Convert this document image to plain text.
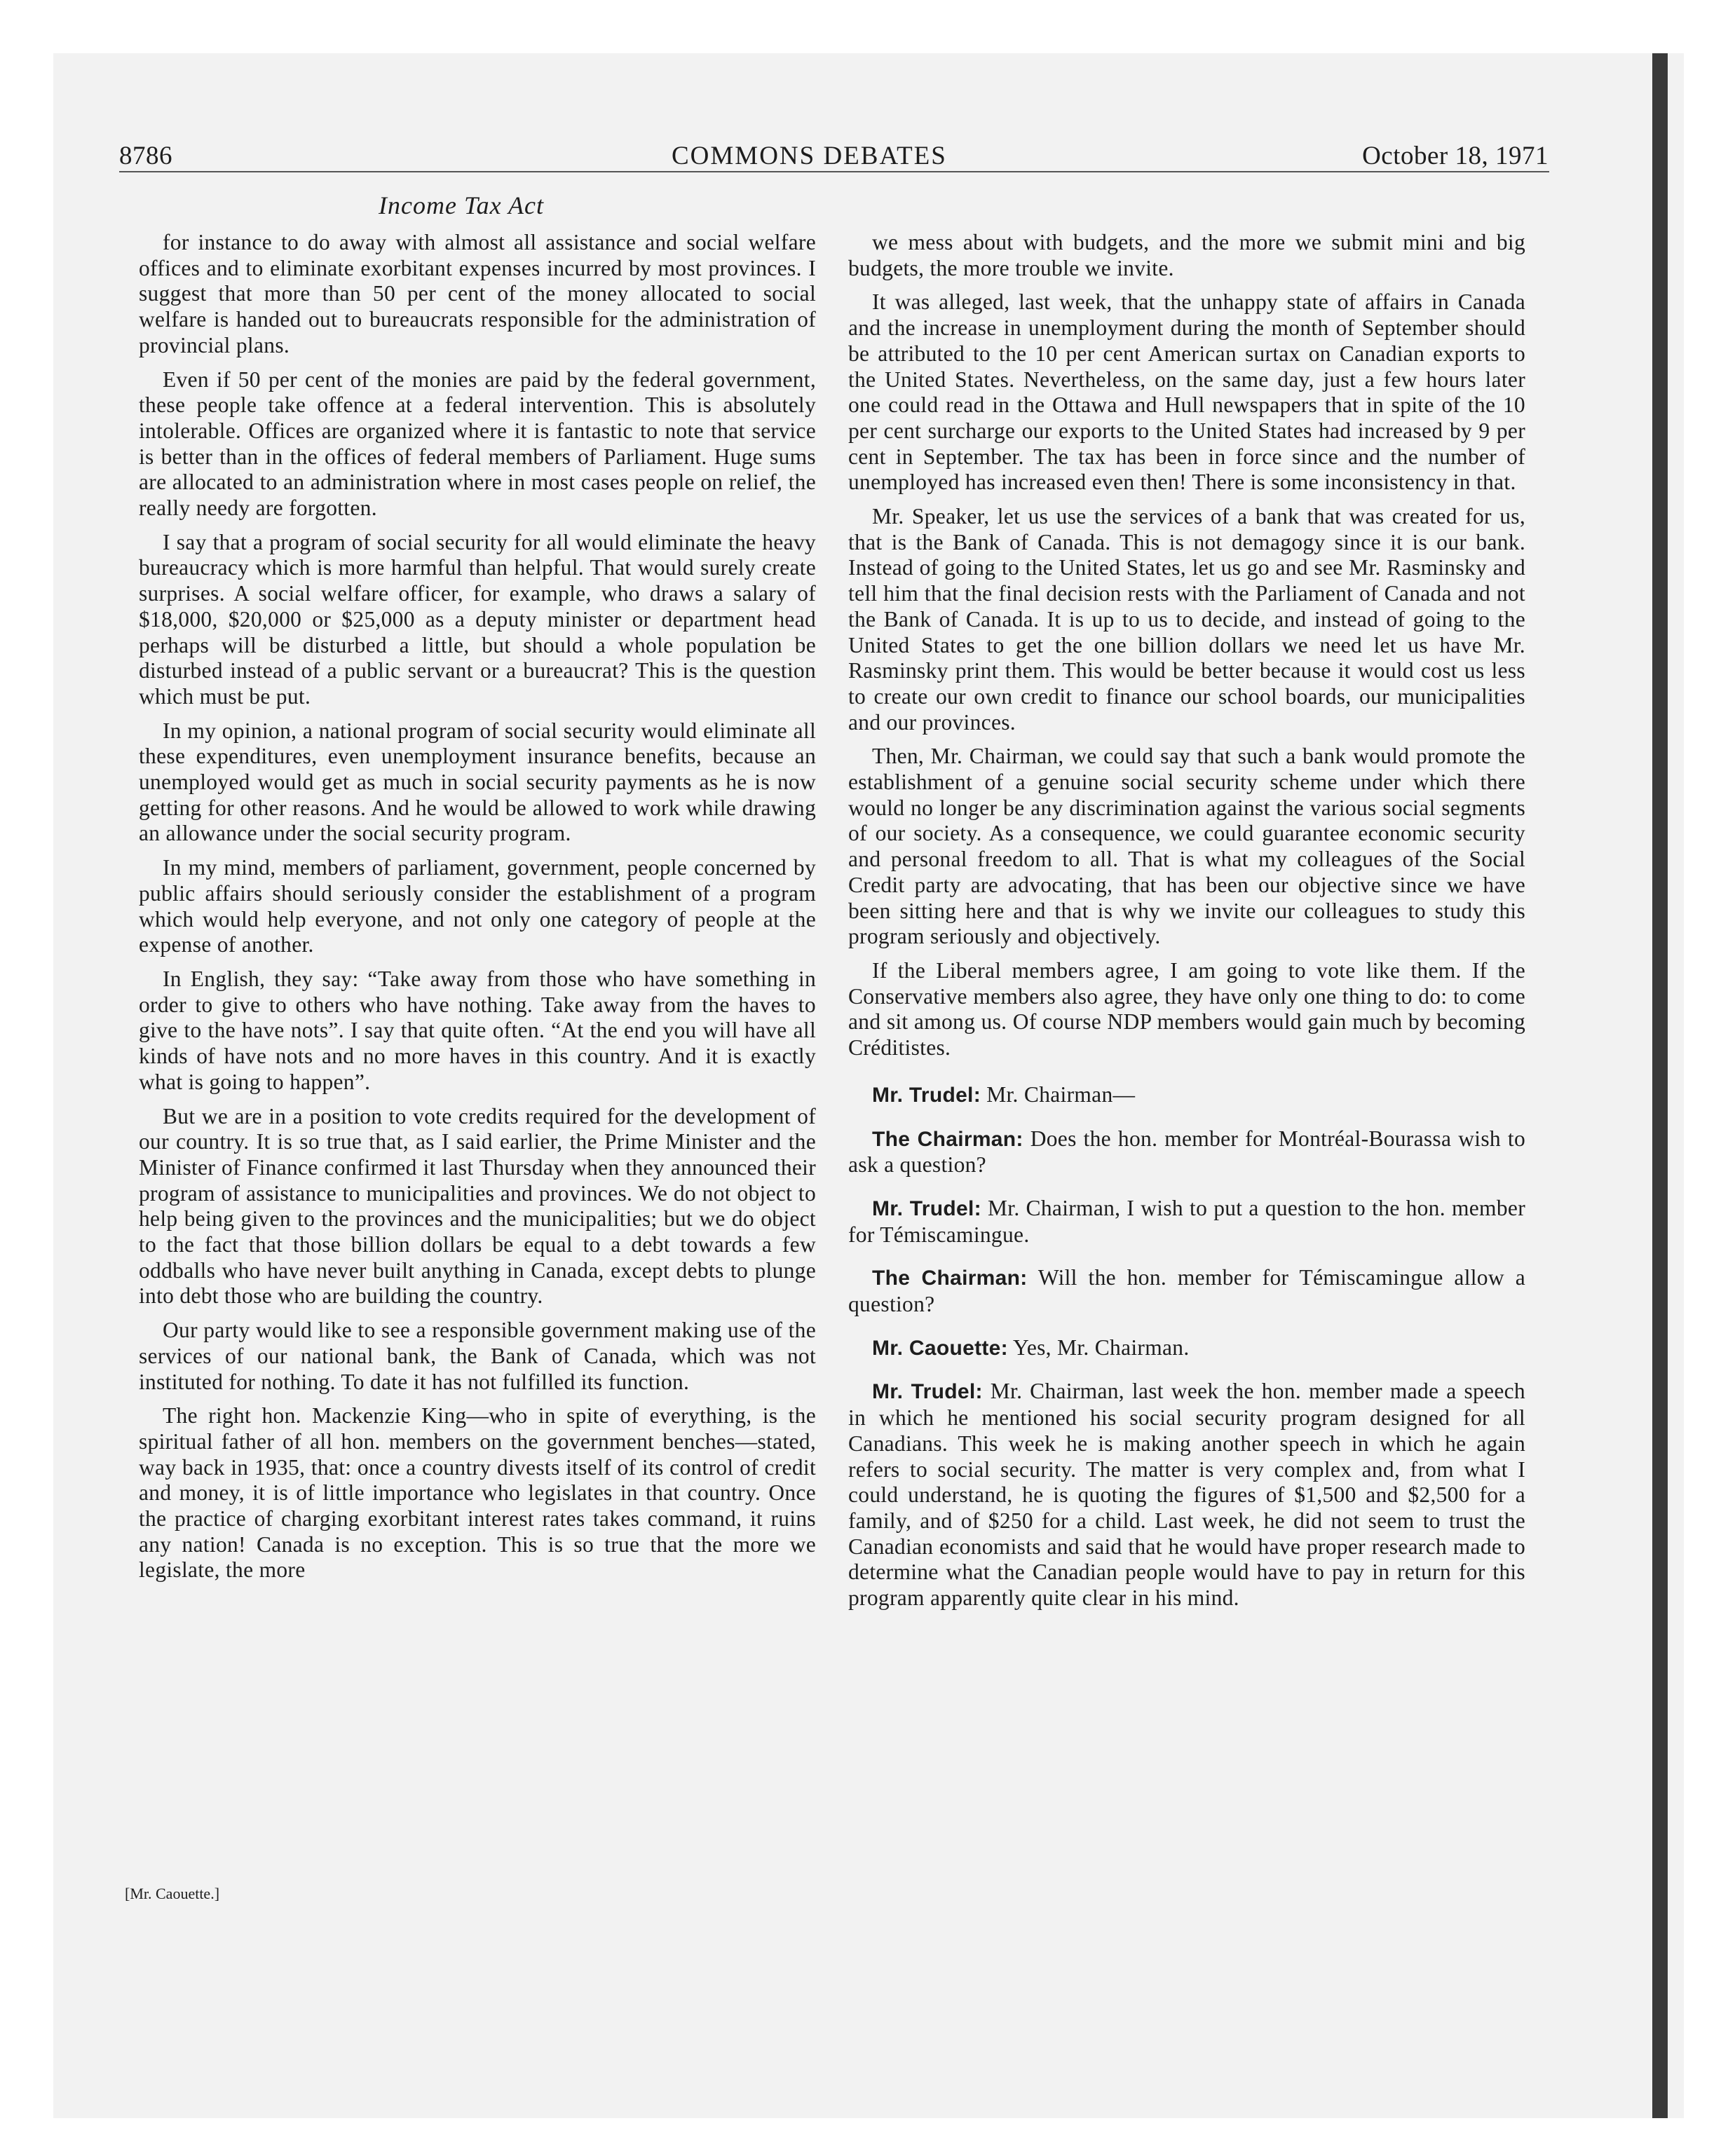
8786	COMMONS DEBATES	October 18, 1971
Income Tax Act

for instance to do away with almost all assistance and social welfare offices and to eliminate exorbitant expenses incurred by most provinces. I suggest that more than 50 per cent of the money allocated to social welfare is handed out to bureaucrats responsible for the administration of provincial plans.

Even if 50 per cent of the monies are paid by the federal government, these people take offence at a federal intervention. This is absolutely intolerable. Offices are organized where it is fantastic to note that service is better than in the offices of federal members of Parliament. Huge sums are allocated to an administration where in most cases people on relief, the really needy are forgotten.

I say that a program of social security for all would eliminate the heavy bureaucracy which is more harmful than helpful. That would surely create surprises. A social welfare officer, for example, who draws a salary of $18,000, $20,000 or $25,000 as a deputy minister or department head perhaps will be disturbed a little, but should a whole population be disturbed instead of a public servant or a bureaucrat? This is the question which must be put.

In my opinion, a national program of social security would eliminate all these expenditures, even unemployment insurance benefits, because an unemployed would get as much in social security payments as he is now getting for other reasons. And he would be allowed to work while drawing an allowance under the social security program.

In my mind, members of parliament, government, people concerned by public affairs should seriously consider the establishment of a program which would help everyone, and not only one category of people at the expense of another.

In English, they say: “Take away from those who have something in order to give to others who have nothing. Take away from the haves to give to the have nots”. I say that quite often. “At the end you will have all kinds of have nots and no more haves in this country. And it is exactly what is going to happen”.

But we are in a position to vote credits required for the development of our country. It is so true that, as I said earlier, the Prime Minister and the Minister of Finance confirmed it last Thursday when they announced their program of assistance to municipalities and provinces. We do not object to help being given to the provinces and the municipalities; but we do object to the fact that those billion dollars be equal to a debt towards a few oddballs who have never built anything in Canada, except debts to plunge into debt those who are building the country.

Our party would like to see a responsible government making use of the services of our national bank, the Bank of Canada, which was not instituted for nothing. To date it has not fulfilled its function.

The right hon. Mackenzie King—who in spite of everything, is the spiritual father of all hon. members on the government benches—stated, way back in 1935, that: once a country divests itself of its control of credit and money, it is of little importance who legislates in that country. Once the practice of charging exorbitant interest rates takes command, it ruins any nation! Canada is no exception. This is so true that the more we legislate, the more

[Mr. Caouette.]

we mess about with budgets, and the more we submit mini and big budgets, the more trouble we invite.

It was alleged, last week, that the unhappy state of affairs in Canada and the increase in unemployment during the month of September should be attributed to the 10 per cent American surtax on Canadian exports to the United States. Nevertheless, on the same day, just a few hours later one could read in the Ottawa and Hull newspapers that in spite of the 10 per cent surcharge our exports to the United States had increased by 9 per cent in September. The tax has been in force since and the number of unemployed has increased even then! There is some inconsistency in that.

Mr. Speaker, let us use the services of a bank that was created for us, that is the Bank of Canada. This is not demagogy since it is our bank. Instead of going to the United States, let us go and see Mr. Rasminsky and tell him that the final decision rests with the Parliament of Canada and not the Bank of Canada. It is up to us to decide, and instead of going to the United States to get the one billion dollars we need let us have Mr. Rasminsky print them. This would be better because it would cost us less to create our own credit to finance our school boards, our municipalities and our provinces.

Then, Mr. Chairman, we could say that such a bank would promote the establishment of a genuine social security scheme under which there would no longer be any discrimination against the various social segments of our society. As a consequence, we could guarantee economic security and personal freedom to all. That is what my colleagues of the Social Credit party are advocating, that has been our objective since we have been sitting here and that is why we invite our colleagues to study this program seriously and objectively.

If the Liberal members agree, I am going to vote like them. If the Conservative members also agree, they have only one thing to do: to come and sit among us. Of course NDP members would gain much by becoming Créditistes.

Mr. Trudel: Mr. Chairman—

The Chairman: Does the hon. member for Montréal-Bourassa wish to ask a question?

Mr. Trudel: Mr. Chairman, I wish to put a question to the hon. member for Témiscamingue.

The Chairman: Will the hon. member for Témiscamingue allow a question?

Mr. Caouette: Yes, Mr. Chairman.

Mr. Trudel: Mr. Chairman, last week the hon. member made a speech in which he mentioned his social security program designed for all Canadians. This week he is making another speech in which he again refers to social security. The matter is very complex and, from what I could understand, he is quoting the figures of $1,500 and $2,500 for a family, and of $250 for a child. Last week, he did not seem to trust the Canadian economists and said that he would have proper research made to determine what the Canadian people would have to pay in return for this program apparently quite clear in his mind.
